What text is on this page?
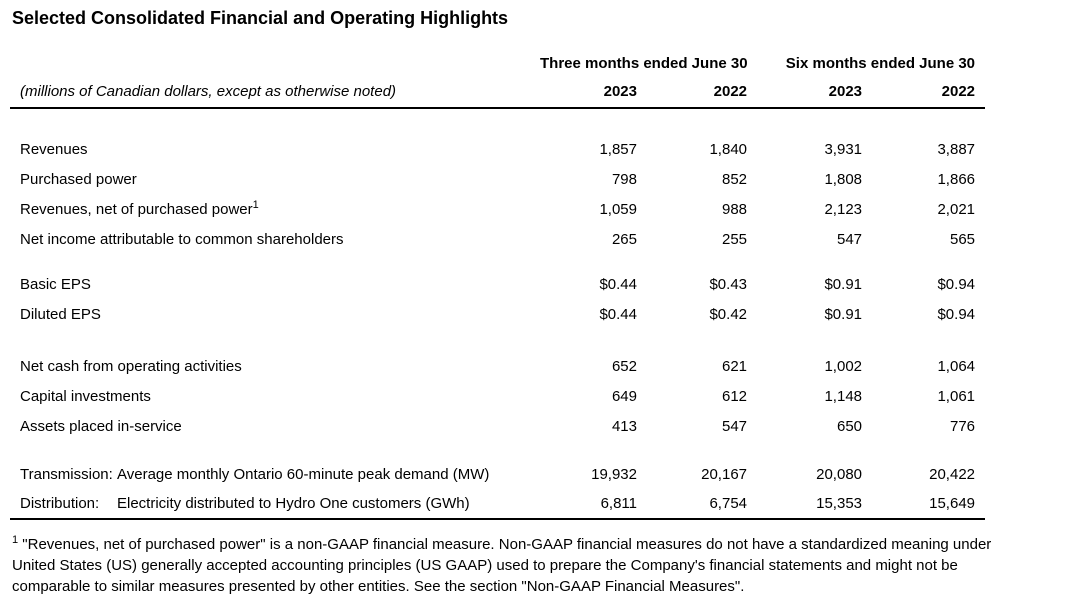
Selected Consolidated Financial and Operating Highlights
	Three months ended June 30		Six months ended June 30	
(millions of Canadian dollars, except as otherwise noted)	2023	2022	2023	2022

Revenues	1,857	1,840	3,931	3,887
Purchased power	798	852	1,808	1,866
Revenues, net of purchased power$^1$	1,059	988	2,123	2,021
Net income attributable to common shareholders	265	255	547	565

Basic EPS	$0.44	$0.43	$0.91	$0.94
Diluted EPS	$0.44	$0.42	$0.91	$0.94

Net cash from operating activities	652	621	1,002	1,064
Capital investments	649	612	1,148	1,061
Assets placed in-service	413	547	650	776

Transmission: Average monthly Ontario 60-minute peak demand (MW)	19,932	20,167	20,080	20,422
Distribution: Electricity distributed to Hydro One customers (GWh)	6,811	6,754	15,353	15,649

$^1$ "Revenues, net of purchased power" is a non-GAAP financial measure. Non-GAAP financial measures do not have a standardized meaning under
United States (US) generally accepted accounting principles (US GAAP) used to prepare the Company's financial statements and might not be
comparable to similar measures presented by other entities. See the section "Non-GAAP Financial Measures".
